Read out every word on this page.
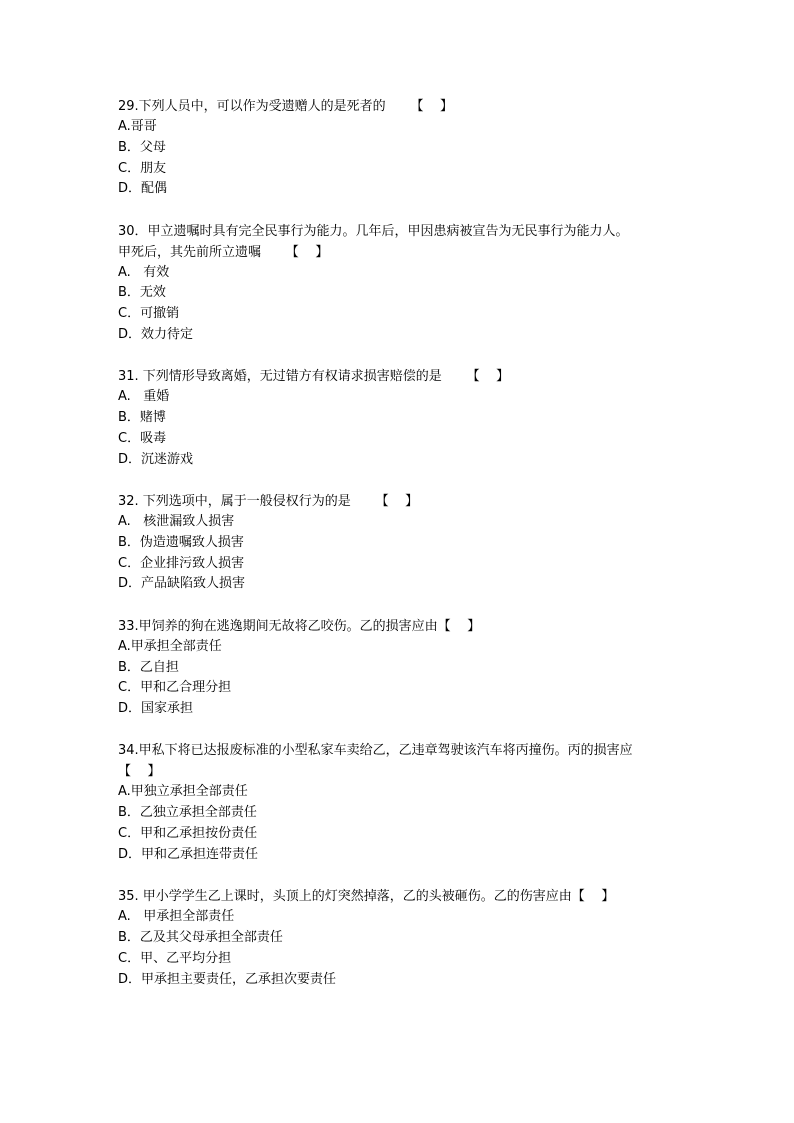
29.下列人员中，可以作为受遗赠人的是死者的      【    】
A.哥哥
B．父母
C．朋友
D．配偶
30．甲立遗嘱时具有完全民事行为能力。几年后，甲因患病被宣告为无民事行为能力人。
甲死后，其先前所立遗嘱      【    】
A.   有效
B．无效
C．可撤销
D．效力待定
31. 下列情形导致离婚，无过错方有权请求损害赔偿的是      【    】
A.   重婚
B．赌博
C．吸毒
D．沉迷游戏
32. 下列选项中，属于一般侵权行为的是      【    】
A.   核泄漏致人损害
B．伪造遗嘱致人损害
C．企业排污致人损害
D．产品缺陷致人损害
33.甲饲养的狗在逃逸期间无故将乙咬伤。乙的损害应由【    】
A.甲承担全部责任
B．乙自担
C．甲和乙合理分担
D．国家承担
34.甲私下将已达报废标准的小型私家车卖给乙，乙违章驾驶该汽车将丙撞伤。丙的损害应
【    】
A.甲独立承担全部责任
B．乙独立承担全部责任
C．甲和乙承担按份责任
D．甲和乙承担连带责任
35. 甲小学学生乙上课时，头顶上的灯突然掉落，乙的头被砸伤。乙的伤害应由【    】
A.   甲承担全部责任
B．乙及其父母承担全部责任
C．甲、乙平均分担
D．甲承担主要责任，乙承担次要责任
